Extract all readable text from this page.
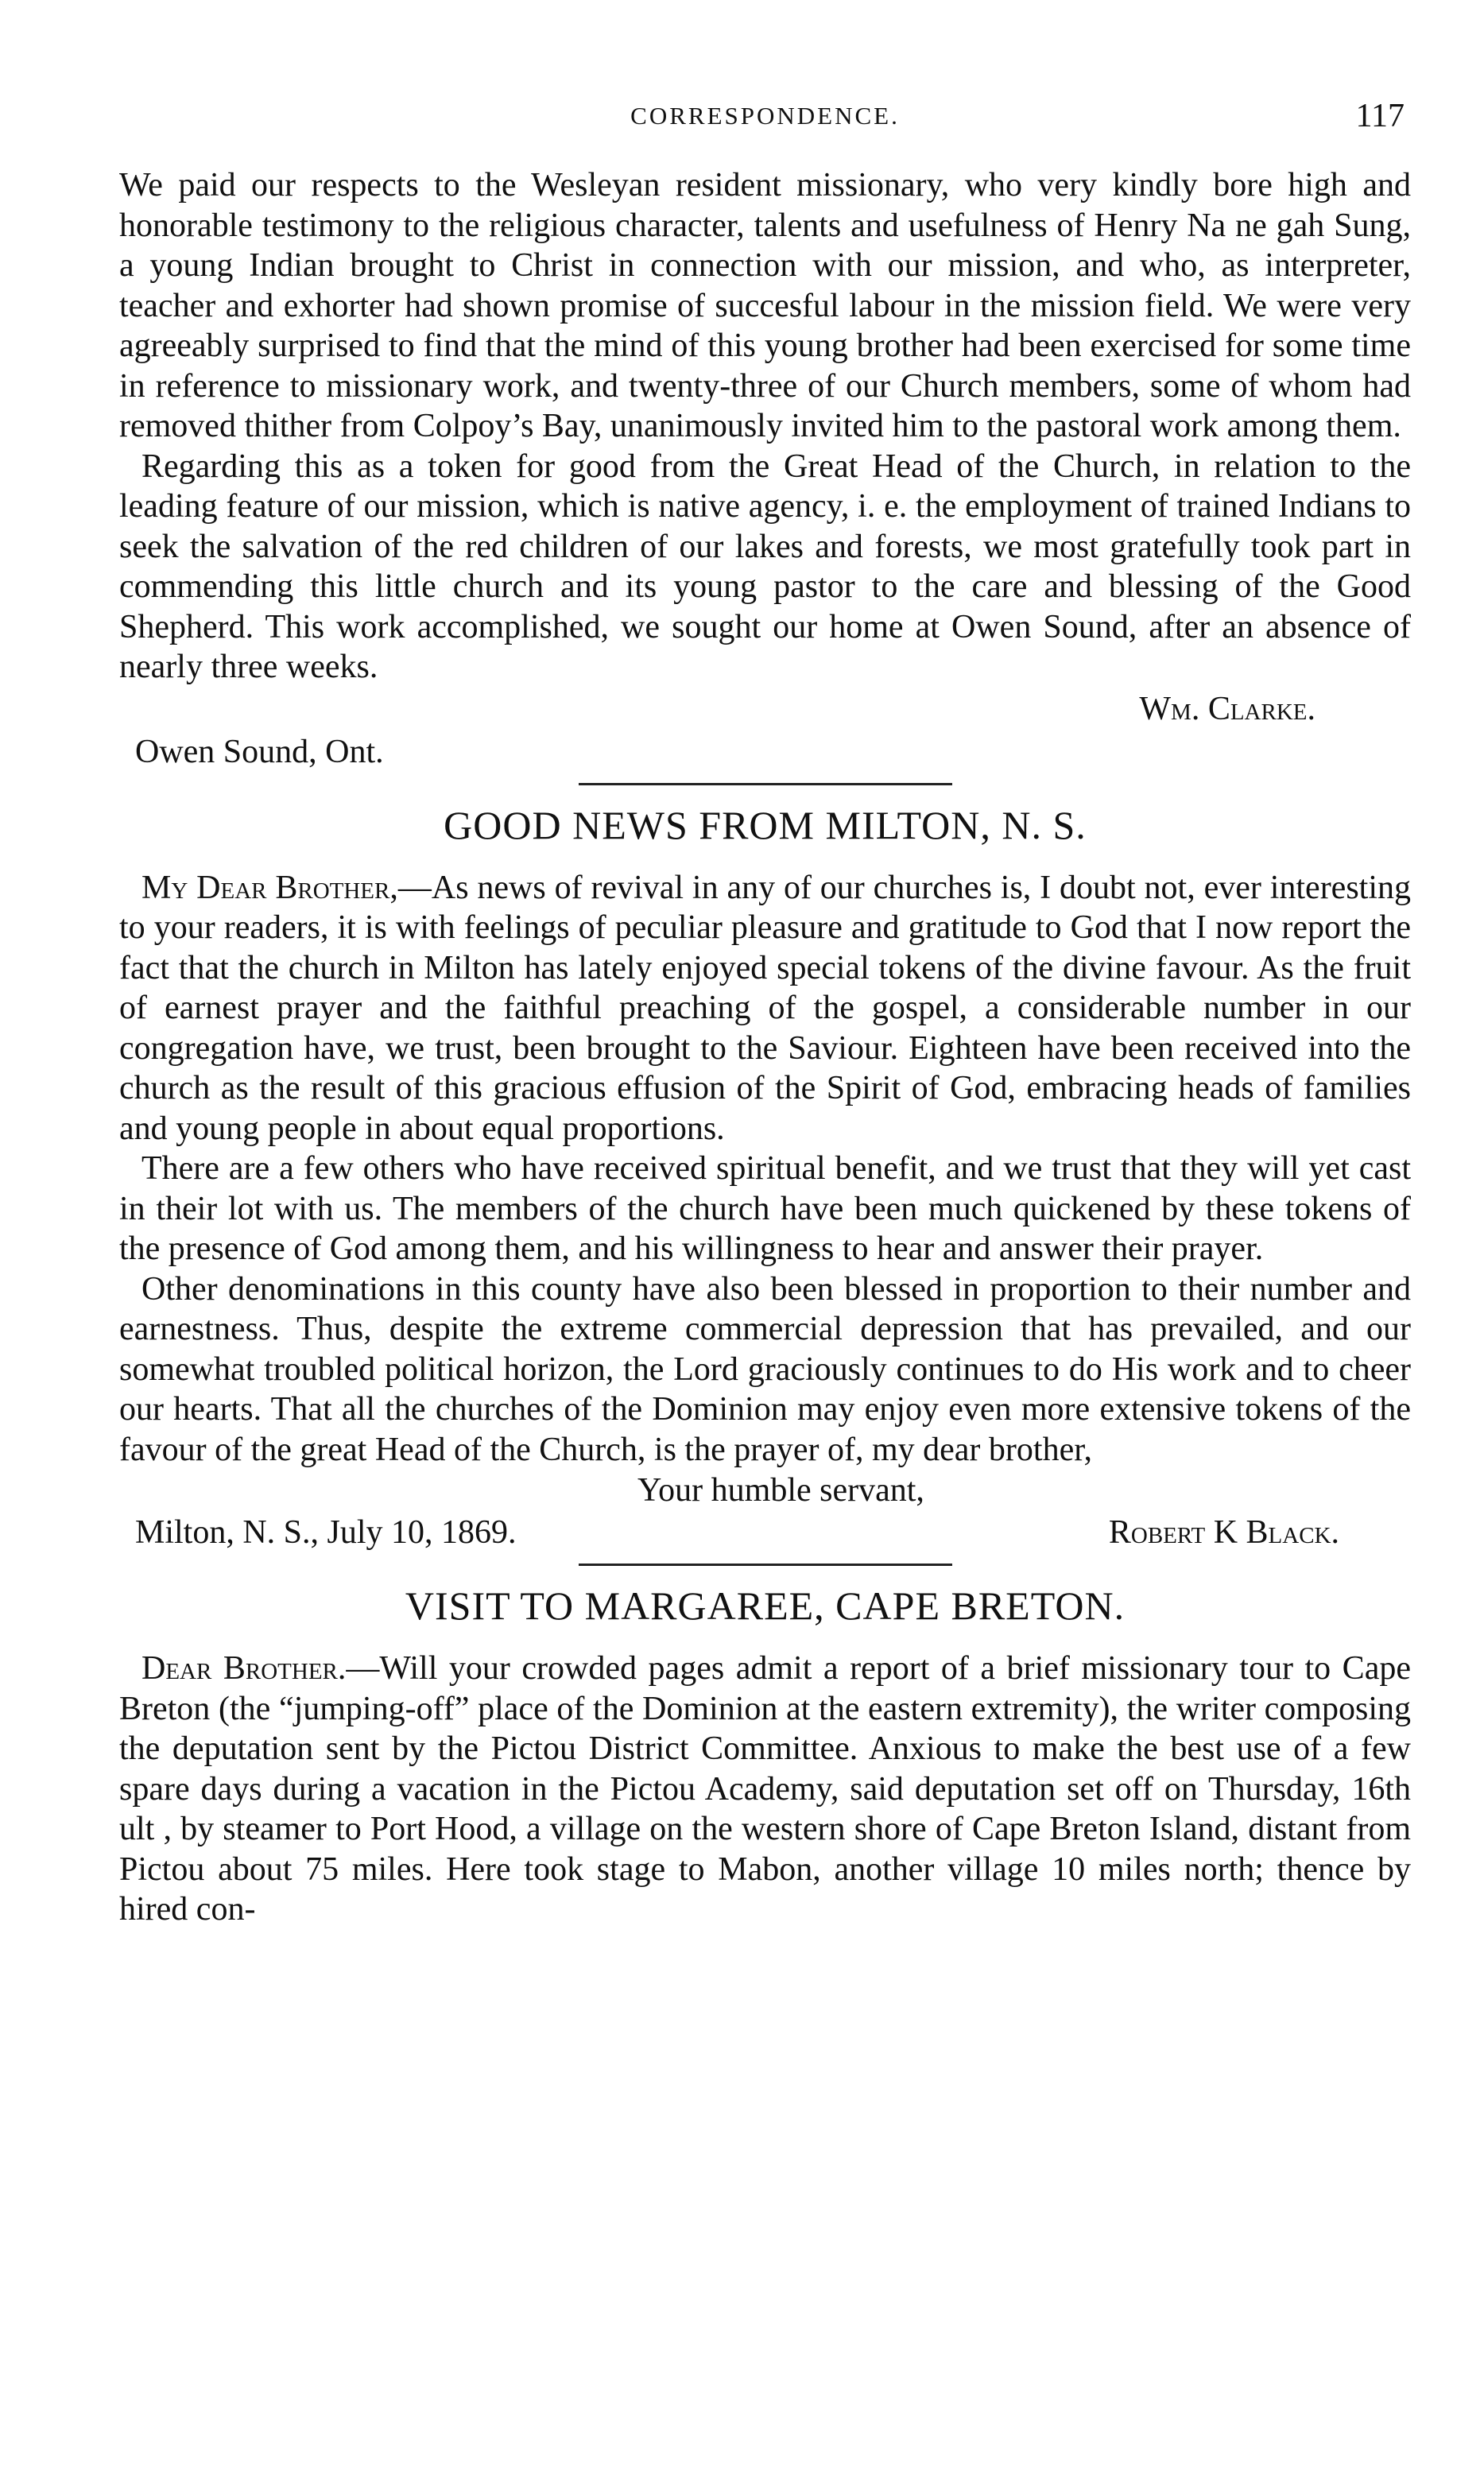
CORRESPONDENCE.	117

We paid our respects to the Wesleyan resident missionary, who very kindly bore high and honorable testimony to the religious character, talents and usefulness of Henry Na ne gah Sung, a young Indian brought to Christ in connection with our mission, and who, as interpreter, teacher and exhorter had shown promise of succesful labour in the mission field. We were very agreeably surprised to find that the mind of this young brother had been exercised for some time in reference to missionary work, and twenty-three of our Church members, some of whom had removed thither from Colpoy’s Bay, unanimously invited him to the pastoral work among them.

Regarding this as a token for good from the Great Head of the Church, in relation to the leading feature of our mission, which is native agency, i. e. the employment of trained Indians to seek the salvation of the red children of our lakes and forests, we most gratefully took part in commending this little church and its young pastor to the care and blessing of the Good Shepherd. This work accomplished, we sought our home at Owen Sound, after an absence of nearly three weeks.

Wm. Clarke.
Owen Sound, Ont.
GOOD NEWS FROM MILTON, N. S.

My Dear Brother,—As news of revival in any of our churches is, I doubt not, ever interesting to your readers, it is with feelings of peculiar pleasure and gratitude to God that I now report the fact that the church in Milton has lately enjoyed special tokens of the divine favour. As the fruit of earnest prayer and the faithful preaching of the gospel, a considerable number in our congregation have, we trust, been brought to the Saviour. Eighteen have been received into the church as the result of this gracious effusion of the Spirit of God, embracing heads of families and young people in about equal proportions.

There are a few others who have received spiritual benefit, and we trust that they will yet cast in their lot with us. The members of the church have been much quickened by these tokens of the presence of God among them, and his willingness to hear and answer their prayer.

Other denominations in this county have also been blessed in proportion to their number and earnestness. Thus, despite the extreme commercial depression that has prevailed, and our somewhat troubled political horizon, the Lord graciously continues to do His work and to cheer our hearts. That all the churches of the Dominion may enjoy even more extensive tokens of the favour of the great Head of the Church, is the prayer of, my dear brother,

Your humble servant,
Milton, N. S., July 10, 1869.	Robert K Black.
VISIT TO MARGAREE, CAPE BRETON.

Dear Brother.—Will your crowded pages admit a report of a brief missionary tour to Cape Breton (the “jumping-off” place of the Dominion at the eastern extremity), the writer composing the deputation sent by the Pictou District Committee. Anxious to make the best use of a few spare days during a vacation in the Pictou Academy, said deputation set off on Thursday, 16th ult , by steamer to Port Hood, a village on the western shore of Cape Breton Island, distant from Pictou about 75 miles. Here took stage to Mabon, another village 10 miles north; thence by hired con-
